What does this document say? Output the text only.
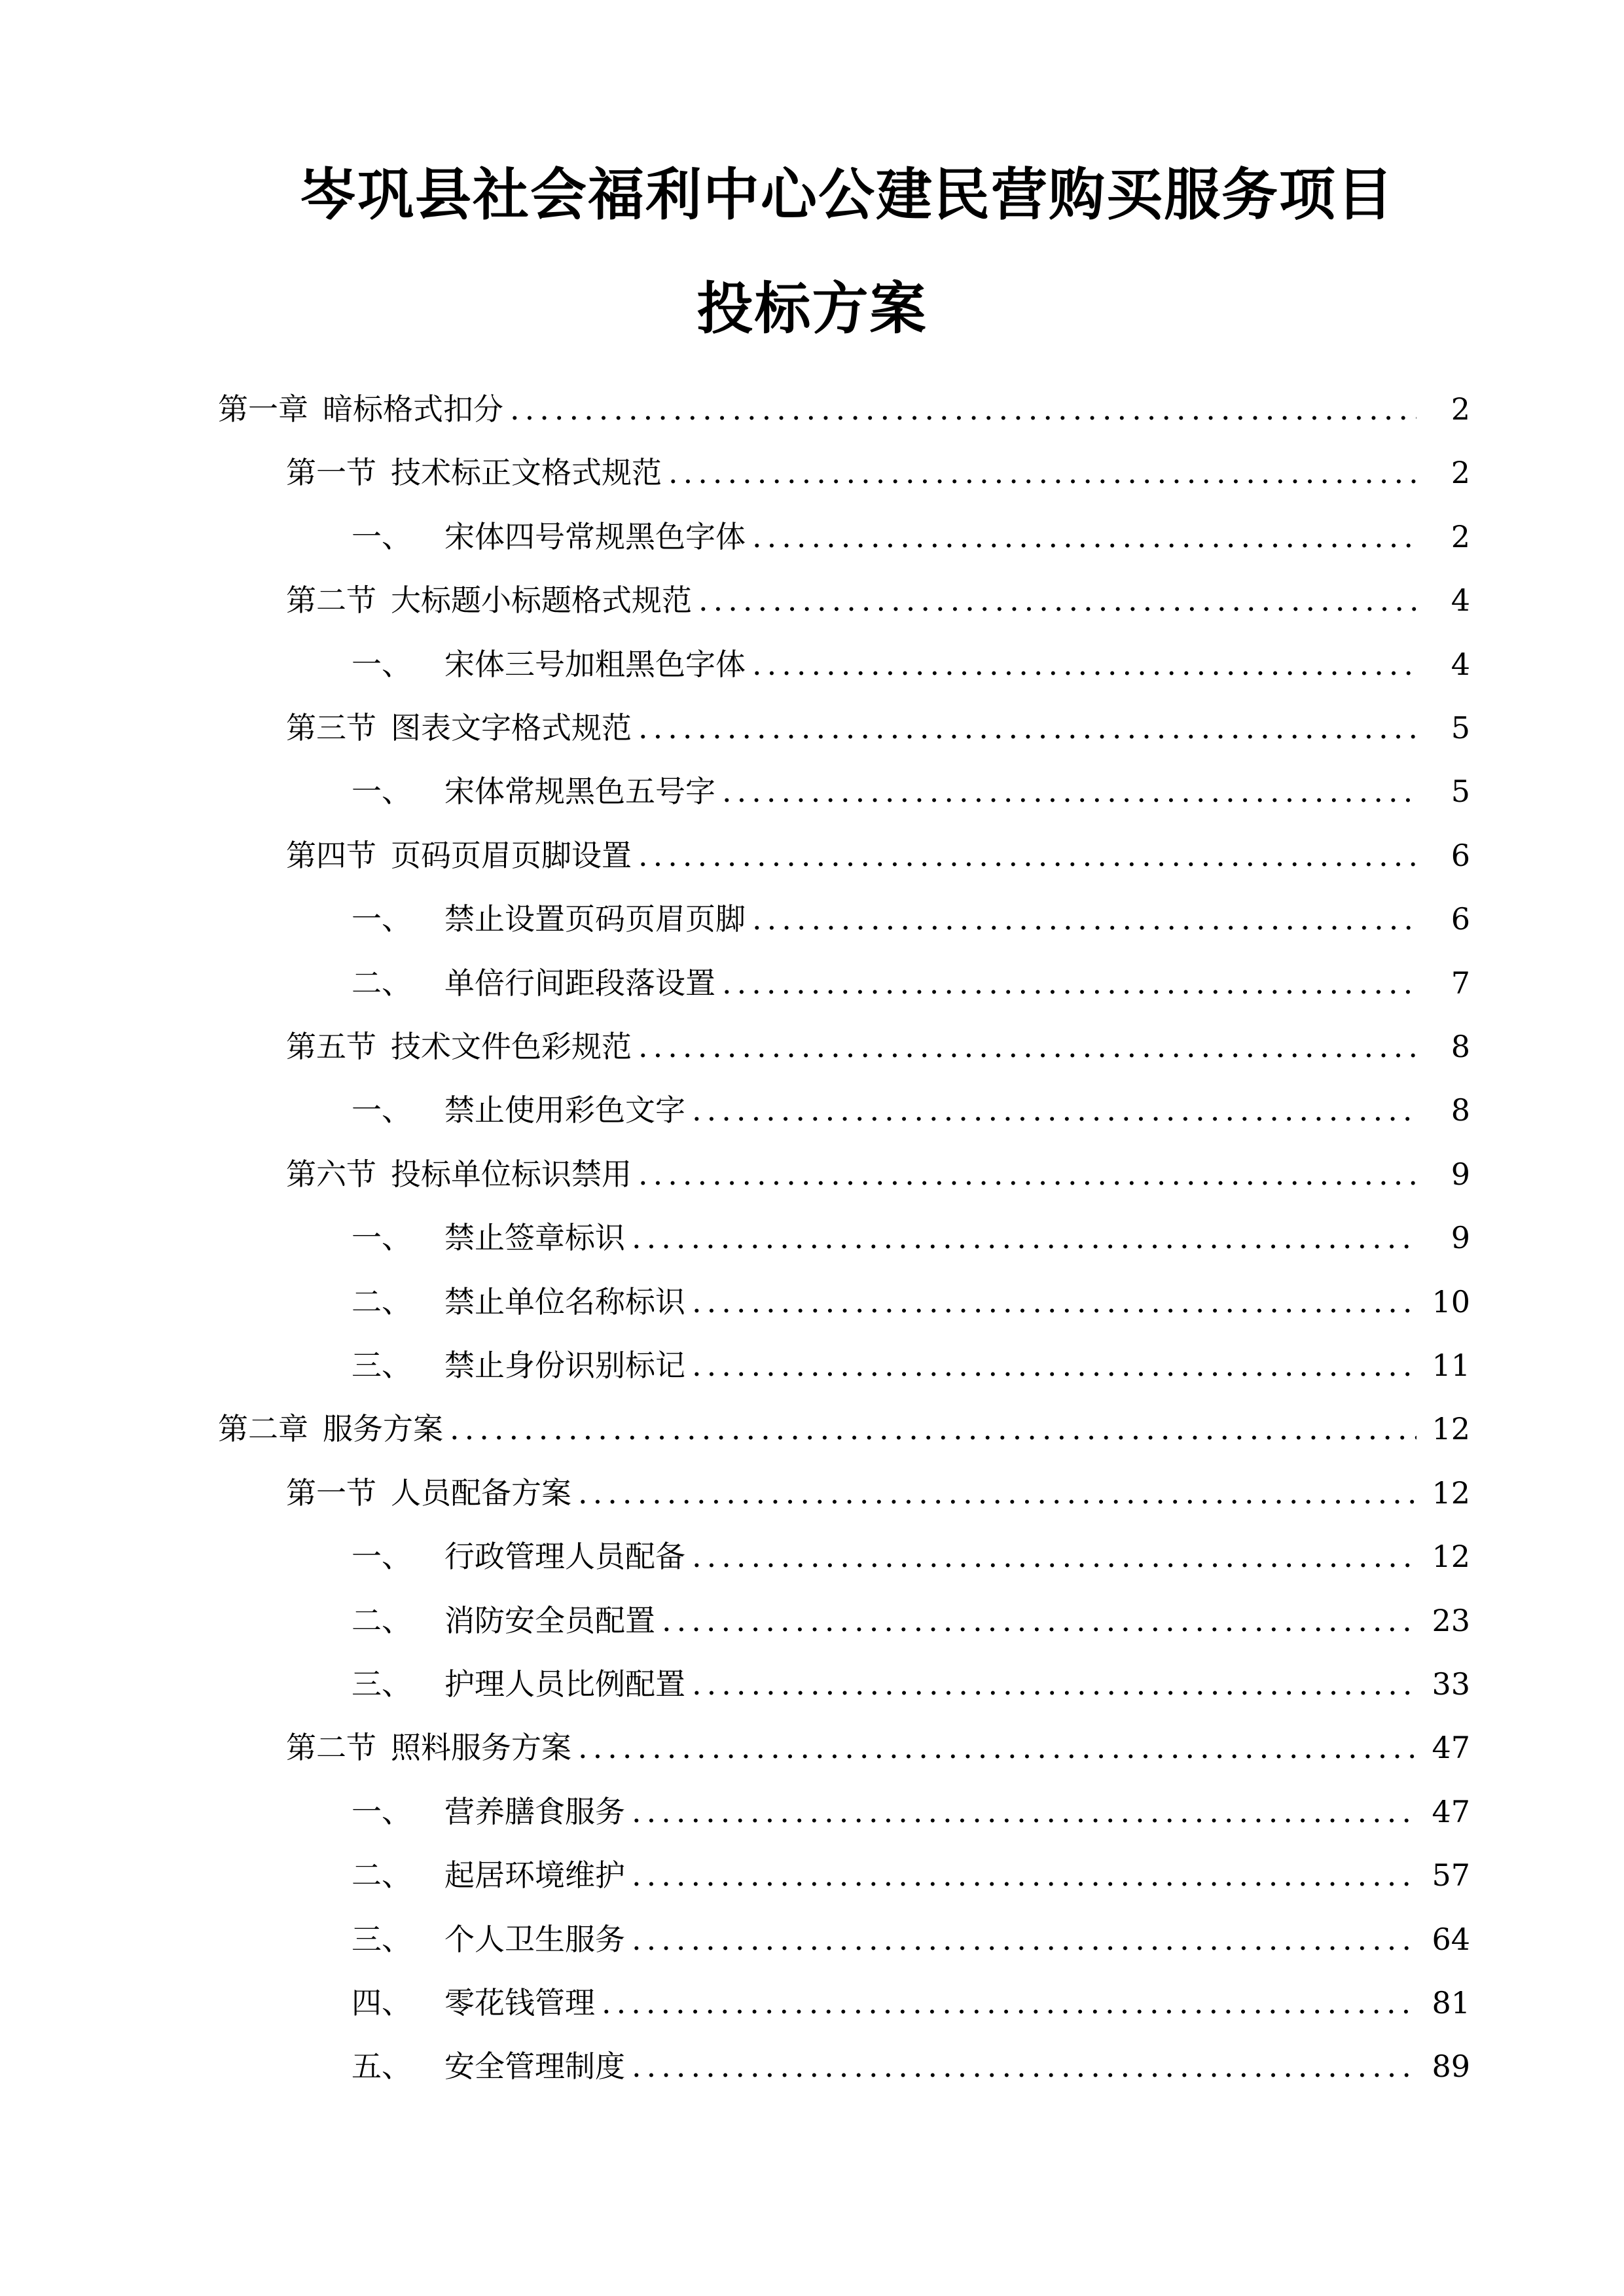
岑巩县社会福利中心公建民营购买服务项目
投标方案
第一章 暗标格式扣分 .....	2
第一节 技术标正文格式规范 .....	2
一、 宋体四号常规黑色字体 .....	2
第二节 大标题小标题格式规范 .....	4
一、 宋体三号加粗黑色字体 .....	4
第三节 图表文字格式规范 .....	5
一、 宋体常规黑色五号字 .....	5
第四节 页码页眉页脚设置 .....	6
一、 禁止设置页码页眉页脚 .....	6
二、 单倍行间距段落设置 .....	7
第五节 技术文件色彩规范 .....	8
一、 禁止使用彩色文字 .....	8
第六节 投标单位标识禁用 .....	9
一、 禁止签章标识 .....	9
二、 禁止单位名称标识 .....	10
三、 禁止身份识别标记 .....	11
第二章 服务方案 .....	12
第一节 人员配备方案 .....	12
一、 行政管理人员配备 .....	12
二、 消防安全员配置 .....	23
三、 护理人员比例配置 .....	33
第二节 照料服务方案 .....	47
一、 营养膳食服务 .....	47
二、 起居环境维护 .....	57
三、 个人卫生服务 .....	64
四、 零花钱管理 .....	81
五、 安全管理制度 .....	89
